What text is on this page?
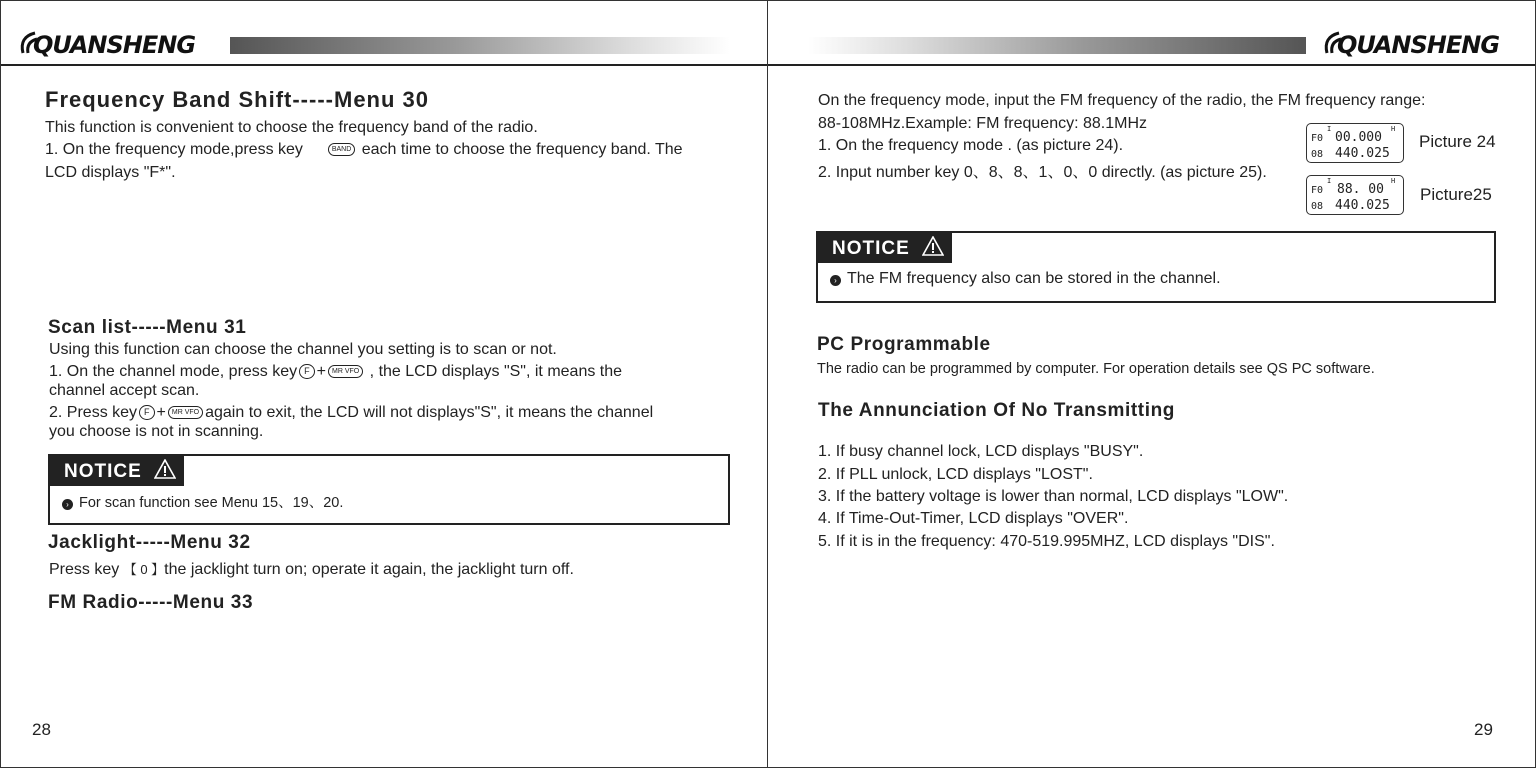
QUANSHENG
Frequency Band Shift-----Menu 30
This function is convenient to choose the frequency band of the radio.
1. On the frequency mode,press key	BAND each time to choose the frequency band. The
LCD displays "F*".
Scan list-----Menu 31
Using this function can choose the channel you setting is to scan or not.
1. On the channel mode, press key F + MR VFO , the LCD displays "S", it means the
channel accept scan.
2. Press key F + MR VFO again to exit, the LCD will not displays"S", it means the channel
you choose is not in scanning.
NOTICE
› For scan function see Menu 15、19、20.
Jacklight-----Menu 32
Press key 【 0 】the jacklight turn on; operate it again, the jacklight turn off.
FM Radio-----Menu 33
28
QUANSHENG
On the frequency mode, input the FM frequency of the radio, the FM frequency range:
88-108MHz.Example: FM frequency: 88.1MHz
1. On the frequency mode . (as picture 24).
2. Input number key 0、8、8、1、0、0 directly. (as picture 25).
I	H
F0 00.000
08 440.025
Picture 24
I	H
F0 88. 00
08 440.025
Picture25
NOTICE
› The FM frequency also can be stored in the channel.
PC Programmable
The radio can be programmed by computer. For operation details see QS PC software.
The Annunciation Of No Transmitting
1. If busy channel lock, LCD displays "BUSY".
2. If PLL unlock, LCD displays "LOST".
3. If the battery voltage is lower than normal, LCD displays "LOW".
4. If Time-Out-Timer, LCD displays "OVER".
5. If it is in the frequency: 470-519.995MHZ, LCD displays "DIS".
29
